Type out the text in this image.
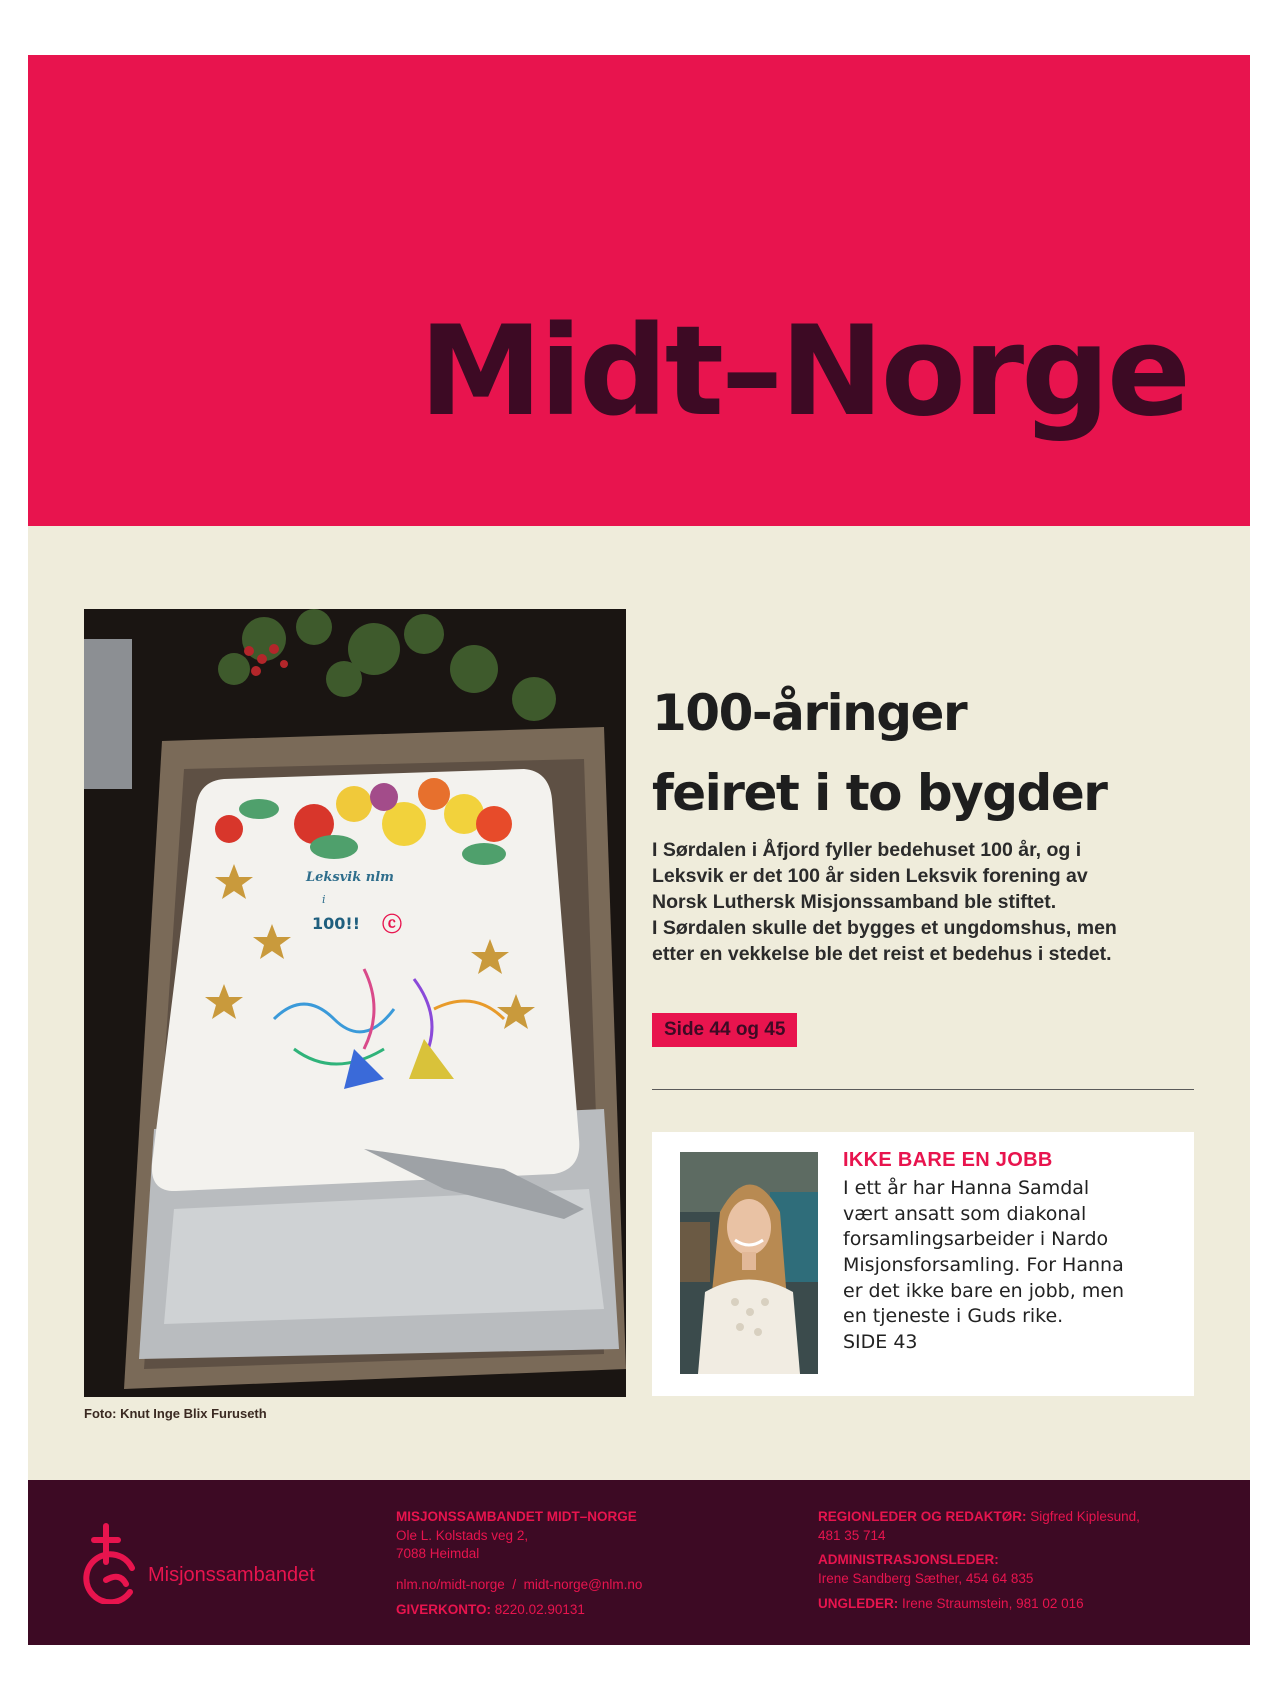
Midt–Norge
Leksvik nlm
i
100!! ⓒ
Foto: Knut Inge Blix Furuseth
100-åringer
feiret i to bygder
I Sørdalen i Åfjord fyller bedehuset 100 år, og i
Leksvik er det 100 år siden Leksvik forening av
Norsk Luthersk Misjonssamband ble stiftet.
I Sørdalen skulle det bygges et ungdomshus, men
etter en vekkelse ble det reist et bedehus i stedet.
Side 44 og 45
IKKE BARE EN JOBB
I ett år har Hanna Samdal
vært ansatt som diakonal
forsamlingsarbeider i Nardo
Misjonsforsamling. For Hanna
er det ikke bare en jobb, men
en tjeneste i Guds rike.
SIDE 43
Misjonssambandet
MISJONSSAMBANDET MIDT–NORGE
Ole L. Kolstads veg 2,
7088 Heimdal
nlm.no/midt-norge / midt-norge@nlm.no
GIVERKONTO: 8220.02.90131
REGIONLEDER OG REDAKTØR: Sigfred Kiplesund,
481 35 714
ADMINISTRASJONSLEDER:
Irene Sandberg Sæther, 454 64 835
UNGLEDER: Irene Straumstein, 981 02 016
